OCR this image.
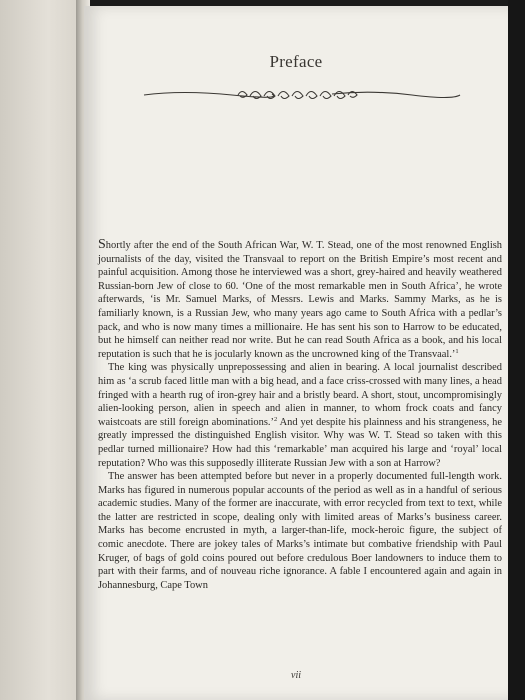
Preface

Shortly after the end of the South African War, W. T. Stead, one of the most renowned English journalists of the day, visited the Transvaal to report on the British Empire’s most recent and painful acquisition. Among those he interviewed was a short, grey-haired and heavily weathered Russian-born Jew of close to 60. ‘One of the most remarkable men in South Africa’, he wrote afterwards, ‘is Mr. Samuel Marks, of Messrs. Lewis and Marks. Sammy Marks, as he is familiarly known, is a Russian Jew, who many years ago came to South Africa with a pedlar’s pack, and who is now many times a millionaire. He has sent his son to Harrow to be educated, but he himself can neither read nor write. But he can read South Africa as a book, and his local reputation is such that he is jocularly known as the uncrowned king of the Transvaal.’$^1$

The king was physically unprepossessing and alien in bearing. A local journalist described him as ‘a scrub faced little man with a big head, and a face criss-crossed with many lines, a head fringed with a hearth rug of iron-grey hair and a bristly beard. A short, stout, uncompromisingly alien-looking person, alien in speech and alien in manner, to whom frock coats and fancy waistcoats are still foreign abominations.’$^2$ And yet despite his plainness and his strangeness, he greatly impressed the distinguished English visitor. Why was W. T. Stead so taken with this pedlar turned millionaire? How had this ‘remarkable’ man acquired his large and ‘royal’ local reputation? Who was this supposedly illiterate Russian Jew with a son at Harrow?

The answer has been attempted before but never in a properly documented full-length work. Marks has figured in numerous popular accounts of the period as well as in a handful of serious academic studies. Many of the former are inaccurate, with error recycled from text to text, while the latter are restricted in scope, dealing only with limited areas of Marks’s business career. Marks has become encrusted in myth, a larger-than-life, mock-heroic figure, the subject of comic anecdote. There are jokey tales of Marks’s intimate but combative friendship with Paul Kruger, of bags of gold coins poured out before credulous Boer landowners to induce them to part with their farms, and of nouveau riche ignorance. A fable I encountered again and again in Johannesburg, Cape Town

vii
